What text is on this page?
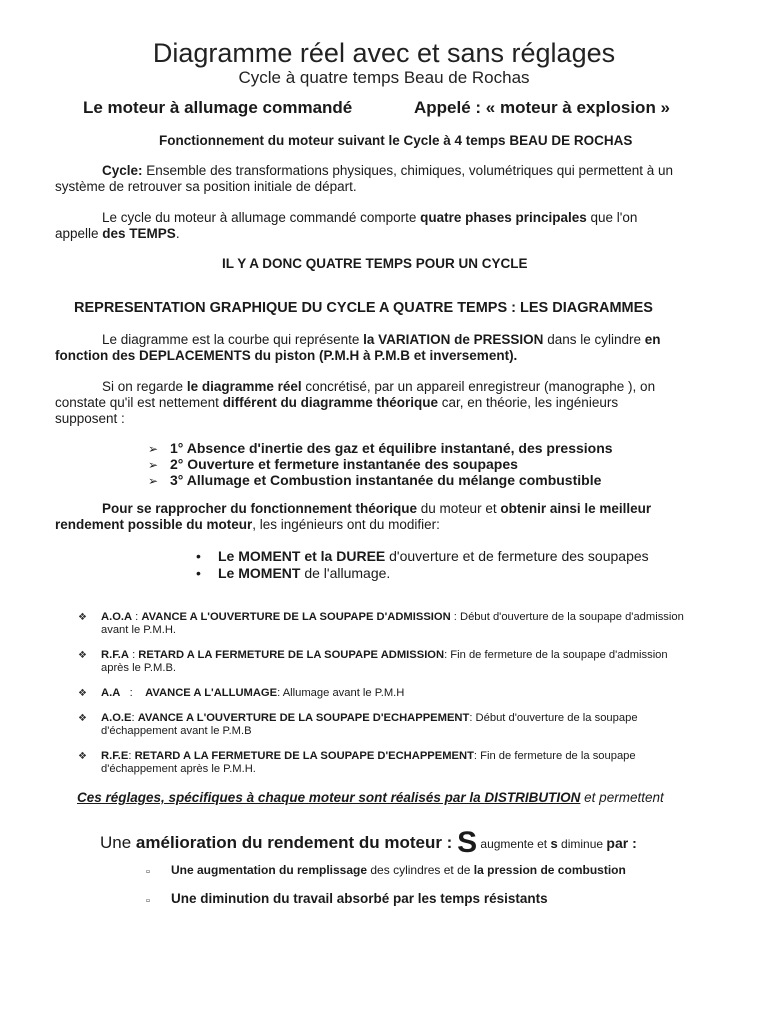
Diagramme réel avec et sans réglages
Cycle à quatre temps Beau de Rochas
Le moteur à allumage commandé	Appelé : « moteur à explosion »
Fonctionnement du moteur suivant le Cycle à 4 temps BEAU DE ROCHAS
Cycle: Ensemble des transformations physiques, chimiques, volumétriques qui permettent à un
système de retrouver sa position initiale de départ.
Le cycle du moteur à allumage commandé comporte quatre phases principales que l'on
appelle des TEMPS.
IL Y A DONC QUATRE TEMPS POUR UN CYCLE
REPRESENTATION GRAPHIQUE DU CYCLE A QUATRE TEMPS : LES DIAGRAMMES
Le diagramme est la courbe qui représente la VARIATION de PRESSION dans le cylindre en
fonction des DEPLACEMENTS du piston (P.M.H à P.M.B et inversement).
Si on regarde le diagramme réel concrétisé, par un appareil enregistreur (manographe ), on
constate qu'il est nettement différent du diagramme théorique car, en théorie, les ingénieurs
supposent :
➢ 1° Absence d'inertie des gaz et équilibre instantané, des pressions
➢ 2° Ouverture et fermeture instantanée des soupapes
➢ 3° Allumage et Combustion instantanée du mélange combustible
Pour se rapprocher du fonctionnement théorique du moteur et obtenir ainsi le meilleur
rendement possible du moteur, les ingénieurs ont du modifier:
• Le MOMENT et la DUREE d'ouverture et de fermeture des soupapes
• Le MOMENT de l'allumage.
❖ A.O.A : AVANCE A L'OUVERTURE DE LA SOUPAPE D'ADMISSION : Début d'ouverture de la soupape d'admission
avant le P.M.H.
❖ R.F.A : RETARD A LA FERMETURE DE LA SOUPAPE ADMISSION: Fin de fermeture de la soupape d'admission
après le P.M.B.
❖ A.A   :    AVANCE A L'ALLUMAGE: Allumage avant le P.M.H
❖ A.O.E: AVANCE A L'OUVERTURE DE LA SOUPAPE D'ECHAPPEMENT: Début d'ouverture de la soupape
d'échappement avant le P.M.B
❖ R.F.E: RETARD A LA FERMETURE DE LA SOUPAPE D'ECHAPPEMENT: Fin de fermeture de la soupape
d'échappement après le P.M.H.
Ces réglages, spécifiques à chaque moteur sont réalisés par la DISTRIBUTION et permettent
Une amélioration du rendement du moteur : S augmente et s diminue par :
▫ Une augmentation du remplissage des cylindres et de la pression de combustion
▫ Une diminution du travail absorbé par les temps résistants
